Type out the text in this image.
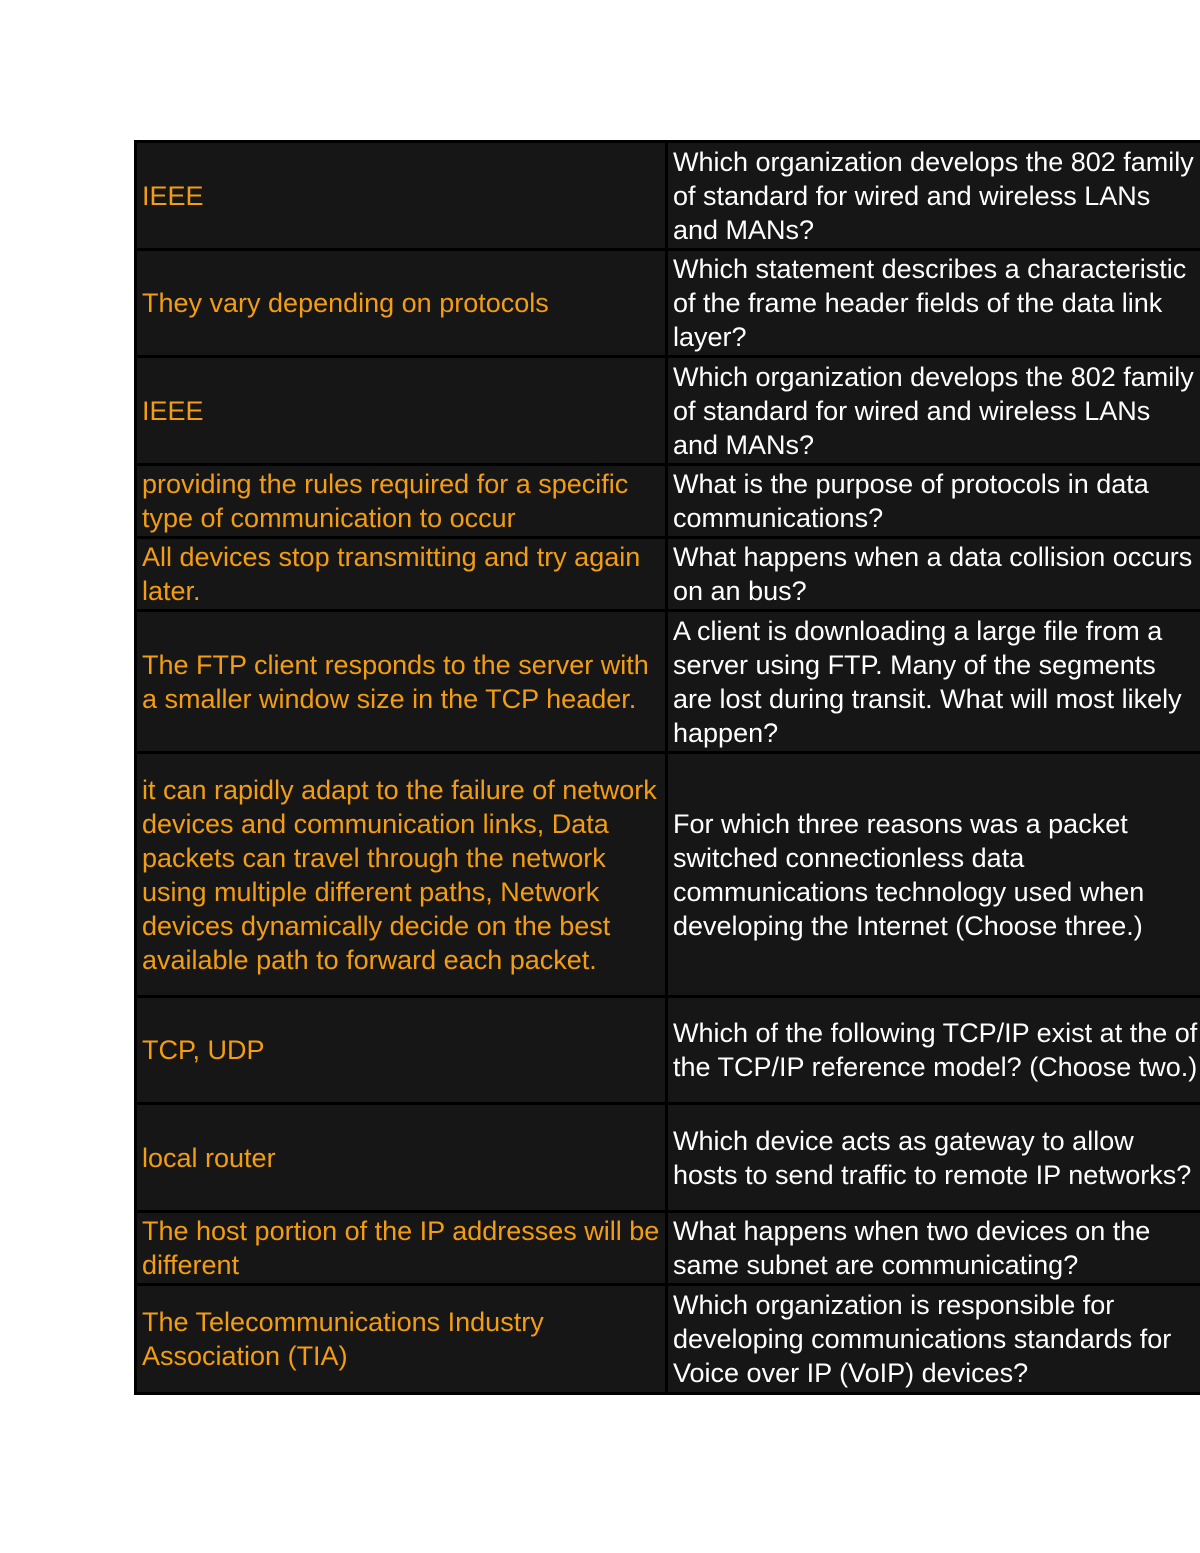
IEEE	Which organization develops the 802 family of standard for wired and wireless LANs and MANs?
They vary depending on protocols	Which statement describes a characteristic of the frame header fields of the data link layer?
IEEE	Which organization develops the 802 family of standard for wired and wireless LANs and MANs?
providing the rules required for a specific type of communication to occur	What is the purpose of protocols in data communications?
All devices stop transmitting and try again later.	What happens when a data collision occurs on an bus?
The FTP client responds to the server with a smaller window size in the TCP header.	A client is downloading a large file from a server using FTP. Many of the segments are lost during transit. What will most likely happen?
it can rapidly adapt to the failure of network devices and communication links, Data packets can travel through the network using multiple different paths, Network devices dynamically decide on the best available path to forward each packet.	For which three reasons was a packet switched connectionless data communications technology used when developing the Internet (Choose three.)
TCP, UDP	Which of the following TCP/IP exist at the of the TCP/IP reference model? (Choose two.)
local router	Which device acts as gateway to allow hosts to send traffic to remote IP networks?
The host portion of the IP addresses will be different	What happens when two devices on the same subnet are communicating?
The Telecommunications Industry Association (TIA)	Which organization is responsible for developing communications standards for Voice over IP (VoIP) devices?
